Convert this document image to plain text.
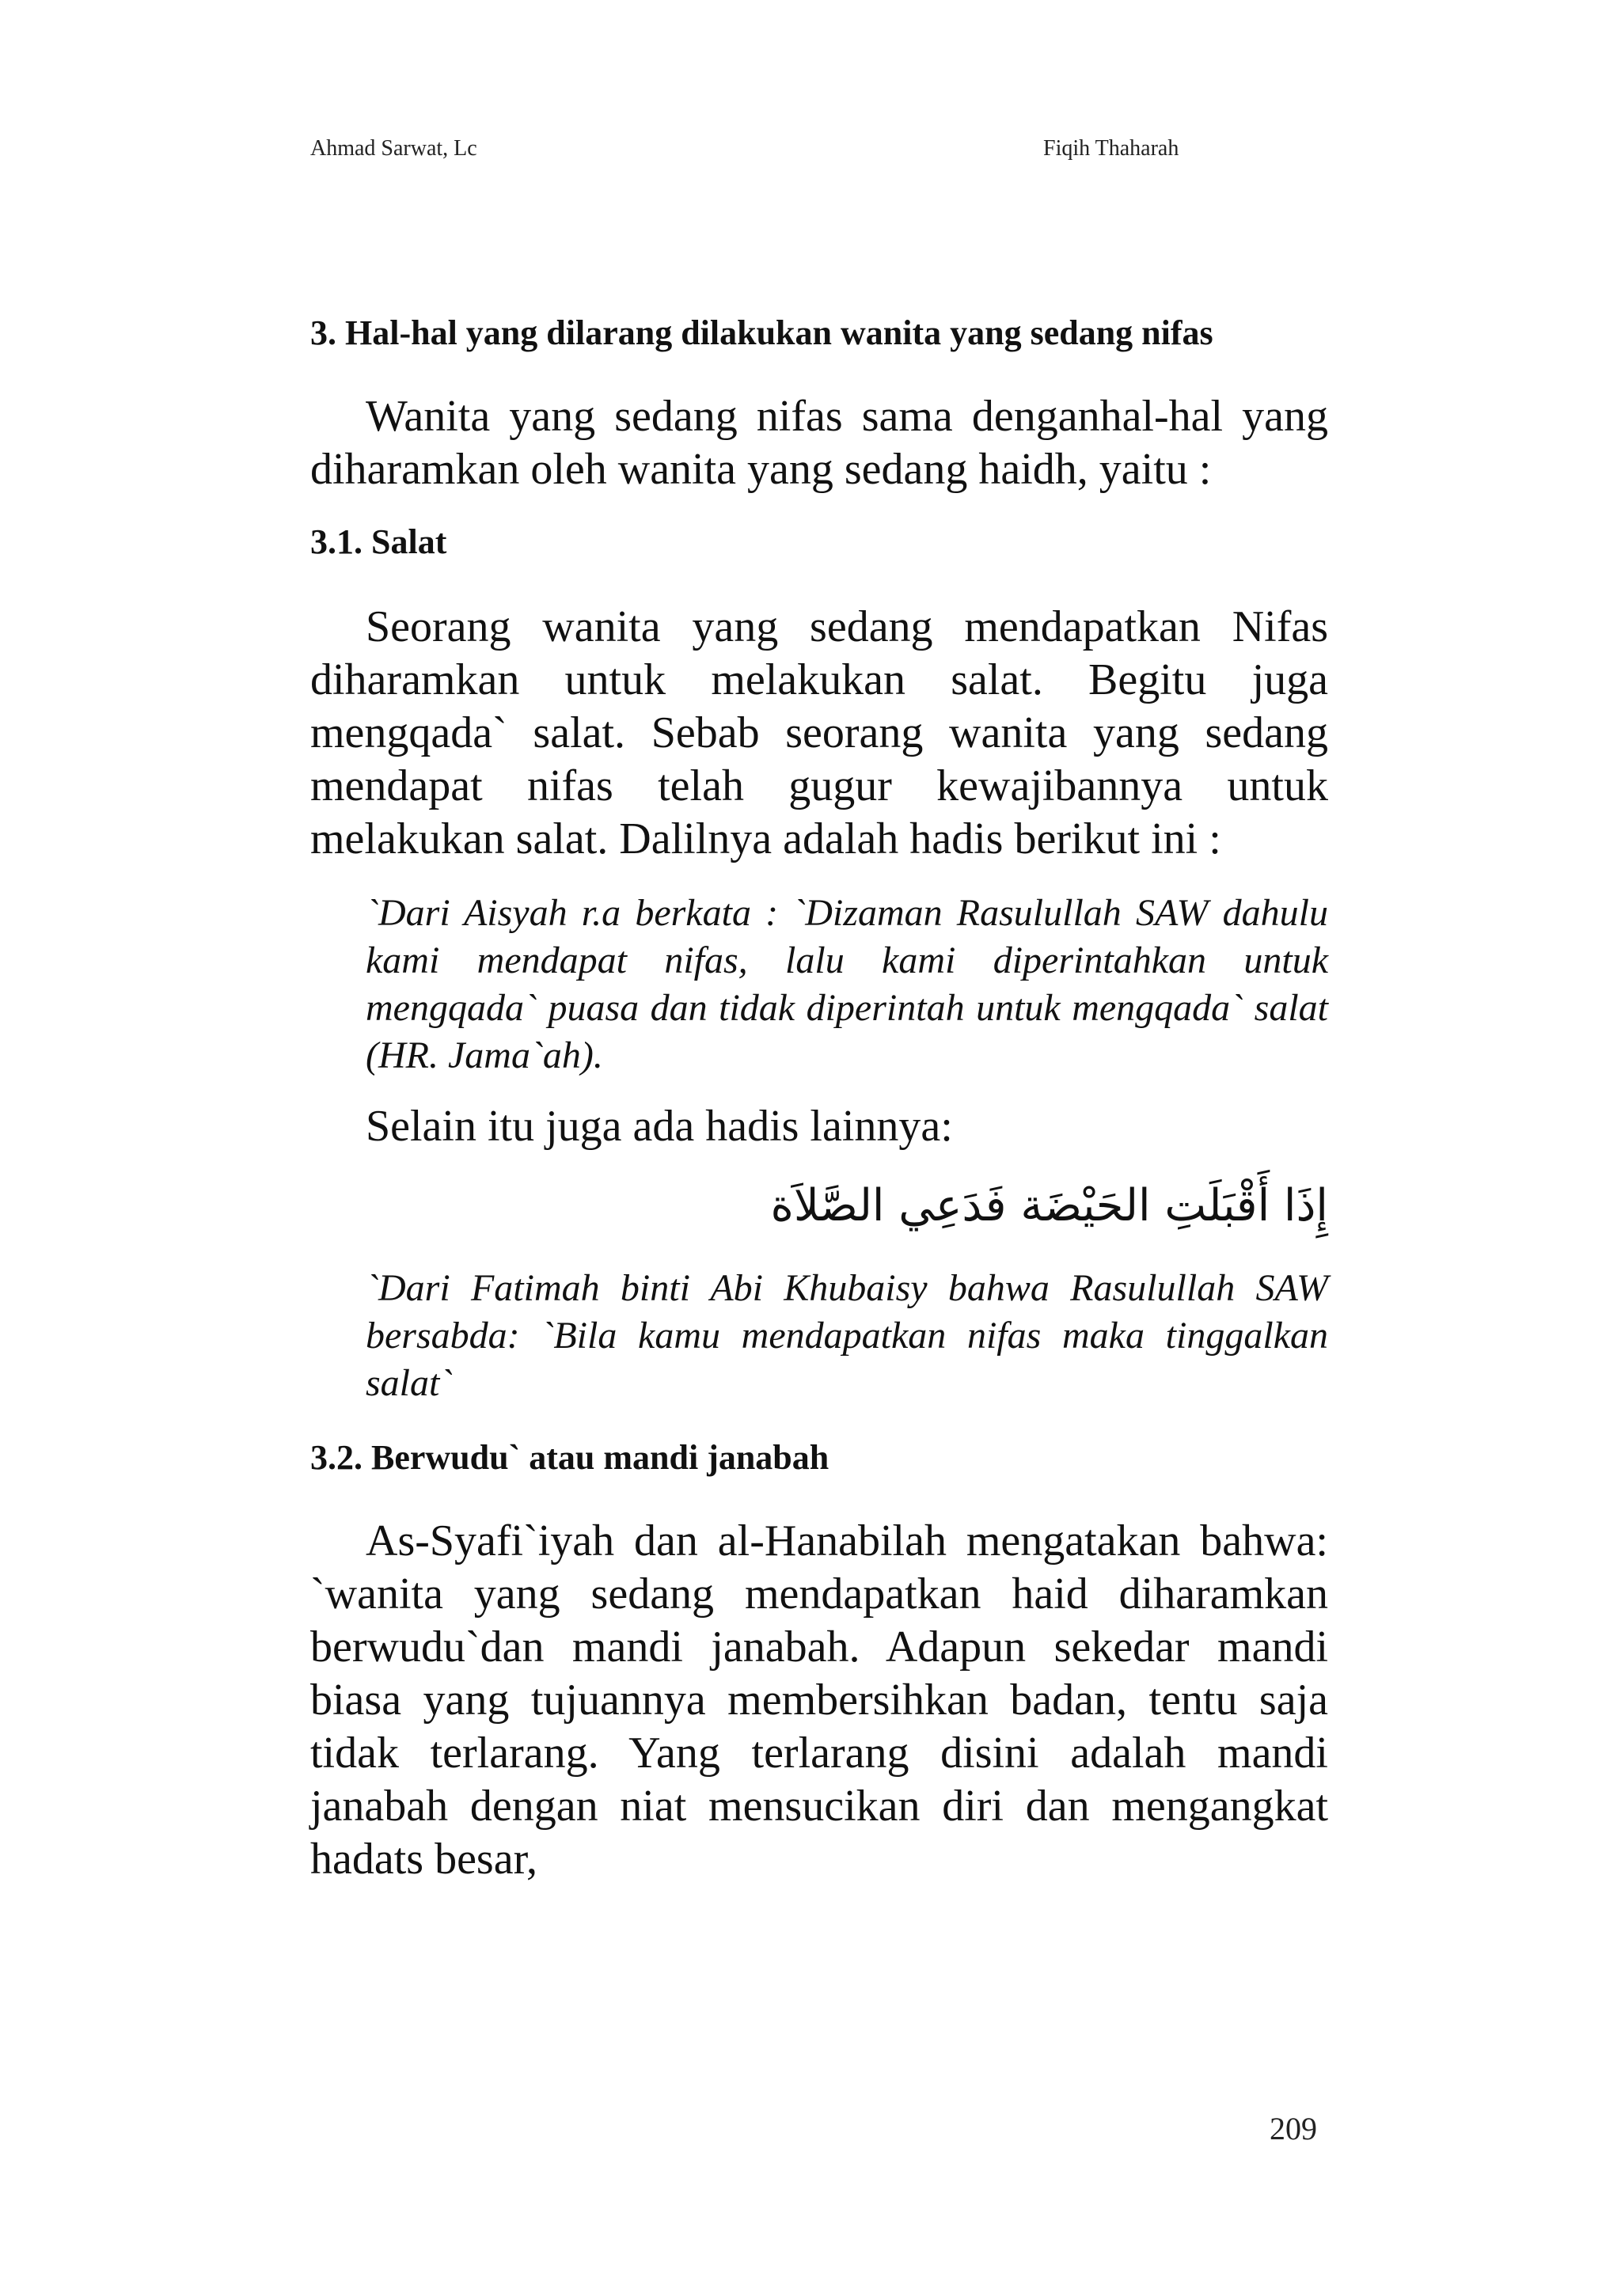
Ahmad Sarwat, Lc	Fiqih Thaharah
3. Hal-hal yang dilarang dilakukan wanita yang sedang nifas

Wanita yang sedang nifas sama denganhal-hal yang diharamkan oleh wanita yang sedang haidh, yaitu :

3.1. Salat

Seorang wanita yang sedang mendapatkan Nifas diharamkan untuk melakukan salat. Begitu juga mengqada` salat. Sebab seorang wanita yang sedang mendapat nifas telah gugur kewajibannya untuk melakukan salat. Dalilnya adalah hadis berikut ini :

`Dari Aisyah r.a berkata : `Dizaman Rasulullah SAW dahulu kami mendapat nifas, lalu kami diperintahkan untuk mengqada` puasa dan tidak diperintah untuk mengqada` salat (HR. Jama`ah).

Selain itu juga ada hadis lainnya:

إِذَا أَقْبَلَتِ الحَيْضَة فَدَعِي الصَّلاَة

`Dari Fatimah binti Abi Khubaisy bahwa Rasulullah SAW bersabda: `Bila kamu mendapatkan nifas maka tinggalkan salat`

3.2. Berwudu` atau mandi janabah

As-Syafi`iyah dan al-Hanabilah mengatakan bahwa: `wanita yang sedang mendapatkan haid diharamkan berwudu`dan mandi janabah. Adapun sekedar mandi biasa yang tujuannya membersihkan badan, tentu saja tidak terlarang. Yang terlarang disini adalah mandi janabah dengan niat mensucikan diri dan mengangkat hadats besar,

209
